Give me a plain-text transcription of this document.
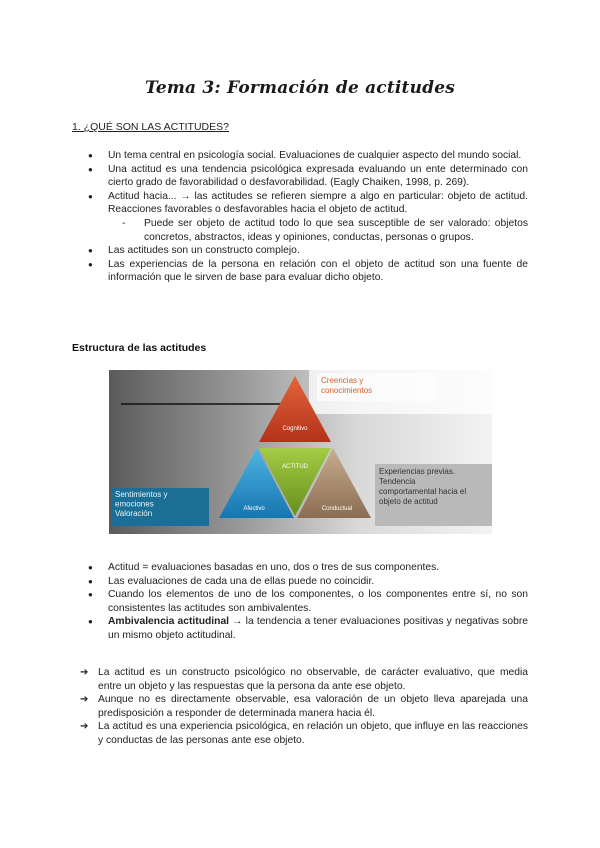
Tema 3: Formación de actitudes
1. ¿QUÉ SON LAS ACTITUDES?
● Un tema central en psicología social. Evaluaciones de cualquier aspecto del mundo social.
● Una actitud es una tendencia psicológica expresada evaluando un ente determinado con cierto grado de favorabilidad o desfavorabilidad. (Eagly Chaiken, 1998, p. 269).
● Actitud hacia... → las actitudes se refieren siempre a algo en particular: objeto de actitud. Reacciones favorables o desfavorables hacia el objeto de actitud.
- Puede ser objeto de actitud todo lo que sea susceptible de ser valorado: objetos concretos, abstractos, ideas y opiniones, conductas, personas o grupos.
● Las actitudes son un constructo complejo.
● Las experiencias de la persona en relación con el objeto de actitud son una fuente de información que le sirven de base para evaluar dicho objeto.
Estructura de las actitudes
Cognitivo
ACTITUD
Afectivo	Conductual
Creencias y conocimientos
Sentimientos y emociones Valoración
Experiencias previas. Tendencia comportamental hacia el objeto de actitud
● Actitud = evaluaciones basadas en uno, dos o tres de sus componentes.
● Las evaluaciones de cada una de ellas puede no coincidir.
● Cuando los elementos de uno de los componentes, o los componentes entre sí, no son consistentes las actitudes son ambivalentes.
● Ambivalencia actitudinal → la tendencia a tener evaluaciones positivas y negativas sobre un mismo objeto actitudinal.
➔ La actitud es un constructo psicológico no observable, de carácter evaluativo, que media entre un objeto y las respuestas que la persona da ante ese objeto.
➔ Aunque no es directamente observable, esa valoración de un objeto lleva aparejada una predisposición a responder de determinada manera hacia él.
➔ La actitud es una experiencia psicológica, en relación un objeto, que influye en las reacciones y conductas de las personas ante ese objeto.
